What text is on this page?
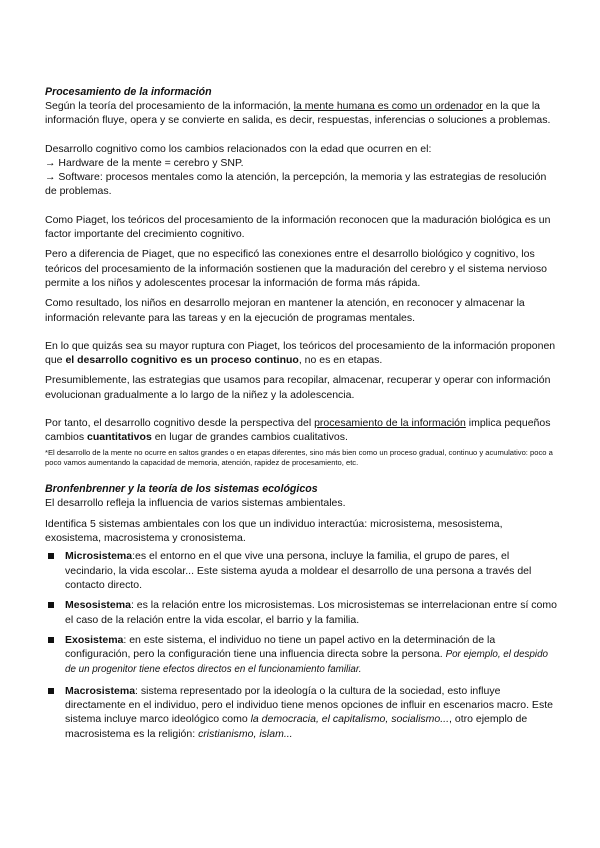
Procesamiento de la información

Según la teoría del procesamiento de la información, la mente humana es como un ordenador en la que la información fluye, opera y se convierte en salida, es decir, respuestas, inferencias o soluciones a problemas.

Desarrollo cognitivo como los cambios relacionados con la edad que ocurren en el:

→ Hardware de la mente = cerebro y SNP.

→ Software: procesos mentales como la atención, la percepción, la memoria y las estrategias de resolución de problemas.

Como Piaget, los teóricos del procesamiento de la información reconocen que la maduración biológica es un factor importante del crecimiento cognitivo.

Pero a diferencia de Piaget, que no especificó las conexiones entre el desarrollo biológico y cognitivo, los teóricos del procesamiento de la información sostienen que la maduración del cerebro y el sistema nervioso permite a los niños y adolescentes procesar la información de forma más rápida.

Como resultado, los niños en desarrollo mejoran en mantener la atención, en reconocer y almacenar la información relevante para las tareas y en la ejecución de programas mentales.

En lo que quizás sea su mayor ruptura con Piaget, los teóricos del procesamiento de la información proponen que el desarrollo cognitivo es un proceso continuo, no es en etapas.

Presumiblemente, las estrategias que usamos para recopilar, almacenar, recuperar y operar con información evolucionan gradualmente a lo largo de la niñez y la adolescencia.

Por tanto, el desarrollo cognitivo desde la perspectiva del procesamiento de la información implica pequeños cambios cuantitativos en lugar de grandes cambios cualitativos.

*El desarrollo de la mente no ocurre en saltos grandes o en etapas diferentes, sino más bien como un proceso gradual, continuo y acumulativo: poco a poco vamos aumentando la capacidad de memoria, atención, rapidez de procesamiento, etc.

Bronfenbrenner y la teoría de los sistemas ecológicos

El desarrollo refleja la influencia de varios sistemas ambientales.

Identifica 5 sistemas ambientales con los que un individuo interactúa: microsistema, mesosistema, exosistema, macrosistema y cronosistema.

Microsistema:es el entorno en el que vive una persona, incluye la familia, el grupo de pares, el vecindario, la vida escolar... Este sistema ayuda a moldear el desarrollo de una persona a través del contacto directo.
Mesosistema: es la relación entre los microsistemas. Los microsistemas se interrelacionan entre sí como el caso de la relación entre la vida escolar, el barrio y la familia.
Exosistema: en este sistema, el individuo no tiene un papel activo en la determinación de la configuración, pero la configuración tiene una influencia directa sobre la persona. Por ejemplo, el despido de un progenitor tiene efectos directos en el funcionamiento familiar.
Macrosistema: sistema representado por la ideología o la cultura de la sociedad, esto influye directamente en el individuo, pero el individuo tiene menos opciones de influir en escenarios macro. Este sistema incluye marco ideológico como la democracia, el capitalismo, socialismo..., otro ejemplo de macrosistema es la religión: cristianismo, islam...
